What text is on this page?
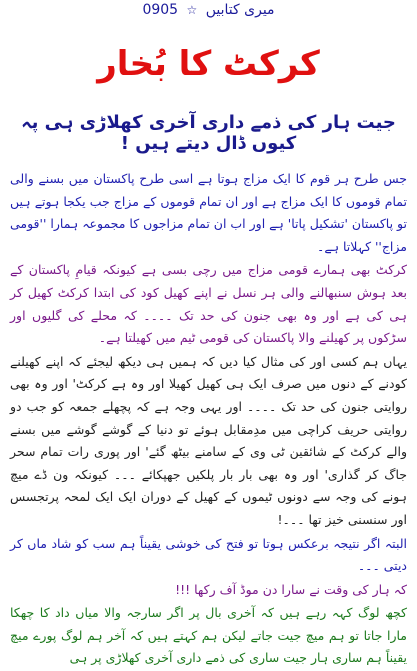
میری کتابیں ☆ 0905
کرکٹ کا بُخار
جیت ہار کی ذمے داری آخری کھلاڑی ہی پہ کیوں ڈال دیتے ہیں !

جس طرح ہر قوم کا ایک مزاج ہوتا ہے اسی طرح پاکستان میں بسنے والی تمام قوموں کا ایک مزاج ہے اور ان تمام قوموں کے مزاج جب یکجا ہوتے ہیں تو پاکستان 'تشکیل پاتا' ہے اور اب ان تمام مزاجوں کا مجموعہ ہمارا ''قومی مزاج'' کہلاتا ہے۔

کرکٹ بھی ہمارے قومی مزاج میں رچی بسی ہے کیونکہ قیامِ پاکستان کے بعد ہوش سنبھالنے والی ہر نسل نے اپنے کھیل کود کی ابتدا کرکٹ کھیل کر ہی کی ہے اور وہ بھی جنون کی حد تک ۔۔۔۔ کہ محلے کی گلیوں اور سڑکوں پر کھیلنے والا پاکستان کی قومی ٹیم میں کھیلتا ہے۔

یہاں ہم کسی اور کی مثال کیا دیں کہ ہمیں ہی دیکھ لیجئے کہ اپنے کھیلنے کودنے کے دنوں میں صرف ایک ہی کھیل کھیلا اور وہ ہے کرکٹ' اور وہ بھی روایتی جنون کی حد تک ۔۔۔۔ اور یہی وجہ ہے کہ پچھلے جمعہ کو جب دو روایتی حریف کراچی میں مدِمقابل ہوئے تو دنیا کے گوشے گوشے میں بسنے والے کرکٹ کے شائقین ٹی وی کے سامنے بیٹھ گئے' اور پوری رات تمام سحر جاگ کر گذاری' اور وہ بھی بار بار پلکیں جھپکائے ۔۔۔ کیونکہ ون ڈے میچ ہونے کی وجہ سے دونوں ٹیموں کے کھیل کے دوران ایک ایک لمحہ پرتجسس اور سنسنی خیز تھا ۔۔۔!

البتہ اگر نتیجہ برعکس ہوتا تو فتح کی خوشی یقیناً ہم سب کو شاد ماں کر دیتی ۔۔۔

کہ ہار کی وقت نے سارا دن موڈ آف رکھا !!!

کچھ لوگ کہہ رہے ہیں کہ آخری بال پر اگر سارجہ والا میاں داد کا چھکا مارا جاتا تو ہم میچ جیت جاتے لیکن ہم کہتے ہیں کہ آخر ہم لوگ پورے میچ یقیناً ہم ساری ہار جیت ساری کی ذمے داری آخری کھلاڑی پر ہی
